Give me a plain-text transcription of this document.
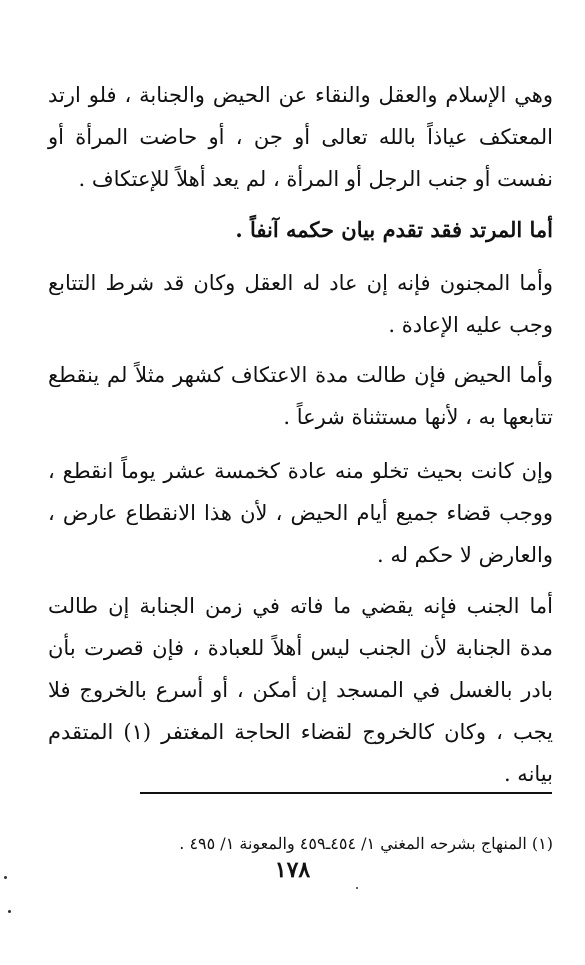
وهي الإسلام والعقل والنقاء عن الحيض والجنابة ، فلو ارتد المعتكف عياذاً بالله تعالى أو جن ، أو حاضت المرأة أو نفست أو جنب الرجل أو المرأة ، لم يعد أهلاً للإعتكاف .

أما المرتد فقد تقدم بيان حكمه آنفاً .

وأما المجنون فإنه إن عاد له العقل وكان قد شرط التتابع وجب عليه الإعادة .

وأما الحيض فإن طالت مدة الاعتكاف كشهر مثلاً لم ينقطع تتابعها به ، لأنها مستثناة شرعاً .

وإن كانت بحيث تخلو منه عادة كخمسة عشر يوماً انقطع ، ووجب قضاء جميع أيام الحيض ، لأن هذا الانقطاع عارض ، والعارض لا حكم له .

أما الجنب فإنه يقضي ما فاته في زمن الجنابة إن طالت مدة الجنابة لأن الجنب ليس أهلاً للعبادة ، فإن قصرت بأن بادر بالغسل في المسجد إن أمكن ، أو أسرع بالخروج فلا يجب ، وكان كالخروج لقضاء الحاجة المغتفر (١) المتقدم بيانه .

(١) المنهاج بشرحه المغني ١/ ٤٥٤ـ٤٥٩ والمعونة ١/ ٤٩٥ .

١٧٨
